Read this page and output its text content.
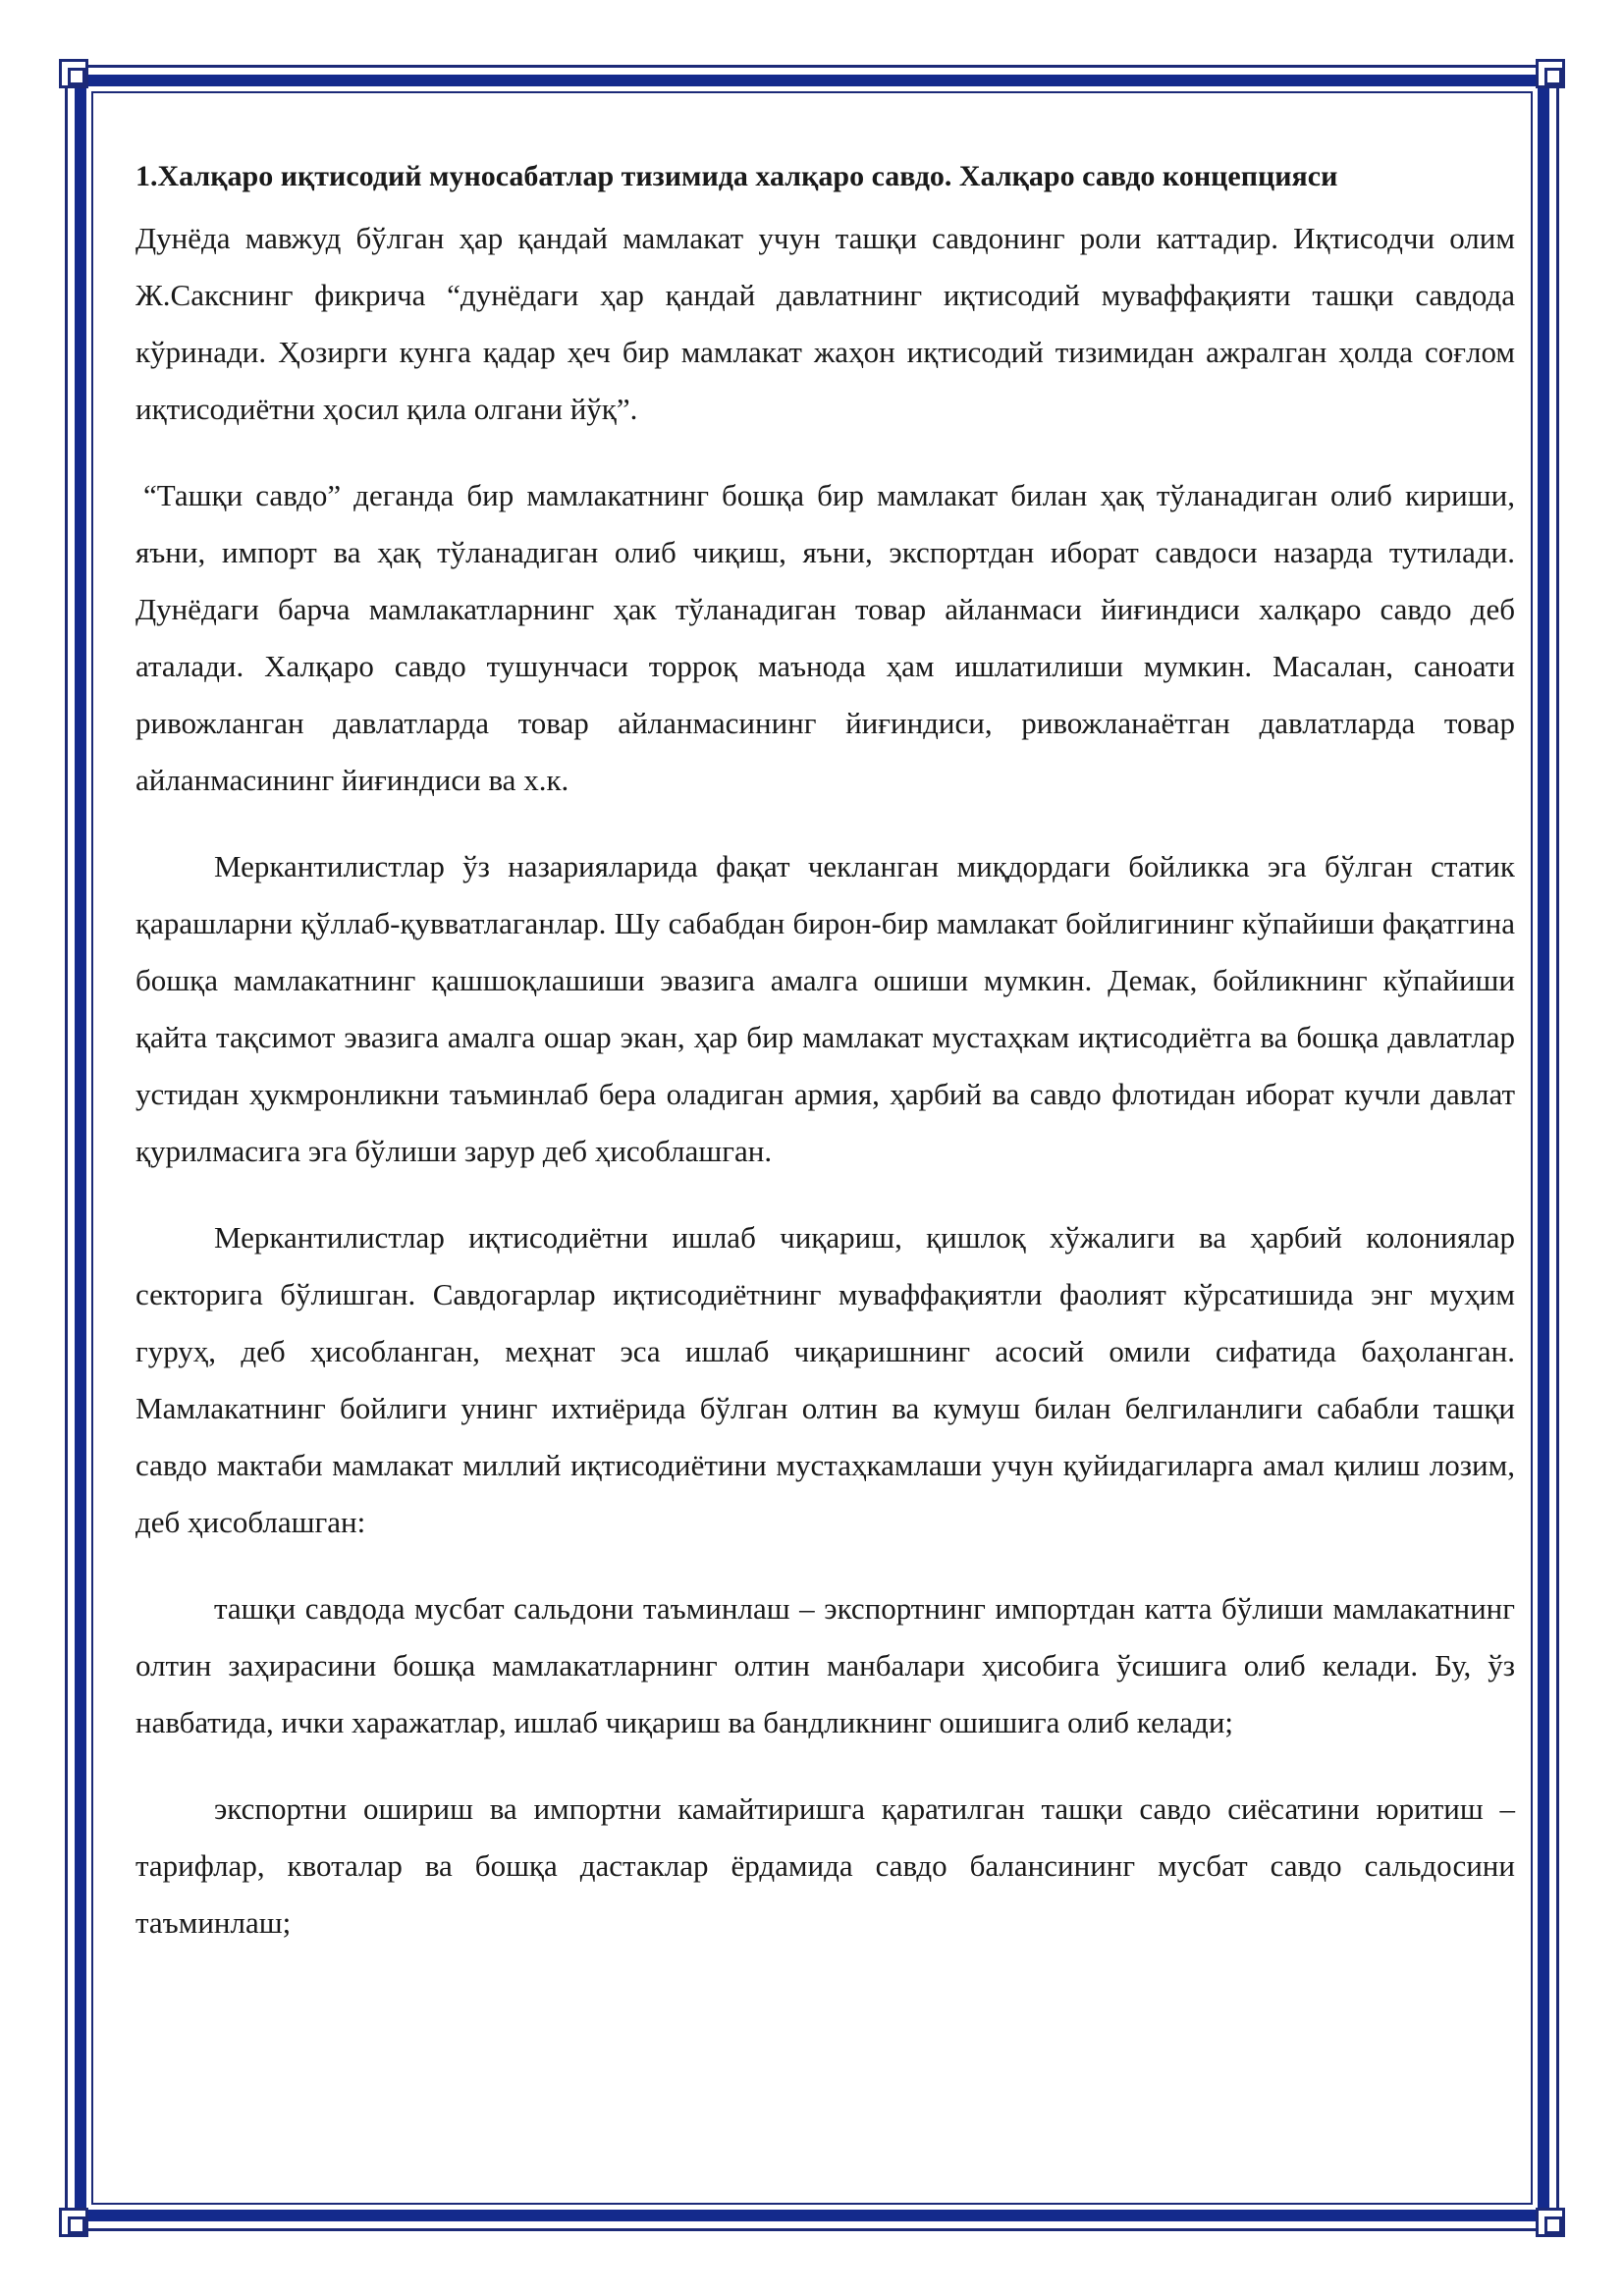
1.Халқаро иқтисодий муносабатлар тизимида халқаро савдо. Халқаро савдо концепцияси

Дунёда мавжуд бўлган ҳар қандай мамлакат учун ташқи савдонинг роли каттадир. Иқтисодчи олим Ж.Сакснинг фикрича “дунёдаги ҳар қандай давлатнинг иқтисодий муваффақияти ташқи савдода кўринади. Ҳозирги кунга қадар ҳеч бир мамлакат жаҳон иқтисодий тизимидан ажралган ҳолда соғлом иқтисодиётни ҳосил қила олгани йўқ”.

“Ташқи савдо” деганда бир мамлакатнинг бошқа бир мамлакат билан ҳақ тўланадиган олиб кириши, яъни, импорт ва ҳақ тўланадиган олиб чиқиш, яъни, экспортдан иборат савдоси назарда тутилади. Дунёдаги барча мамлакатларнинг ҳак тўланадиган товар айланмаси йиғиндиси халқаро савдо деб аталади. Халқаро савдо тушунчаси торроқ маънода ҳам ишлатилиши мумкин. Масалан, саноати ривожланган давлатларда товар айланмасининг йиғиндиси, ривожланаётган давлатларда товар айланмасининг йиғиндиси ва х.к.

Меркантилистлар ўз назарияларида фақат чекланган миқдордаги бойликка эга бўлган статик қарашларни қўллаб-қувватлаганлар. Шу сабабдан бирон-бир мамлакат бойлигининг кўпайиши фақатгина бошқа мамлакатнинг қашшоқлашиши эвазига амалга ошиши мумкин. Демак, бойликнинг кўпайиши қайта тақсимот эвазига амалга ошар экан, ҳар бир мамлакат мустаҳкам иқтисодиётга ва бошқа давлатлар устидан ҳукмронликни таъминлаб бера оладиган армия, ҳарбий ва савдо флотидан иборат кучли давлат қурилмасига эга бўлиши зарур деб ҳисоблашган.

Меркантилистлар иқтисодиётни ишлаб чиқариш, қишлоқ хўжалиги ва ҳарбий колониялар секторига бўлишган. Савдогарлар иқтисодиётнинг муваффақиятли фаолият кўрсатишида энг муҳим гуруҳ, деб ҳисобланган, меҳнат эса ишлаб чиқаришнинг асосий омили сифатида баҳоланган. Мамлакатнинг бойлиги унинг ихтиёрида бўлган олтин ва кумуш билан белгиланлиги сабабли ташқи савдо мактаби мамлакат миллий иқтисодиётини мустаҳкамлаши учун қуйидагиларга амал қилиш лозим, деб ҳисоблашган:

ташқи савдода мусбат сальдони таъминлаш – экспортнинг импортдан катта бўлиши мамлакатнинг олтин заҳирасини бошқа мамлакатларнинг олтин манбалари ҳисобига ўсишига олиб келади. Бу, ўз навбатида, ички харажатлар, ишлаб чиқариш ва бандликнинг ошишига олиб келади;

экспортни ошириш ва импортни камайтиришга қаратилган ташқи савдо сиёсатини юритиш – тарифлар, квоталар ва бошқа дастаклар ёрдамида савдо балансининг мусбат савдо сальдосини таъминлаш;
